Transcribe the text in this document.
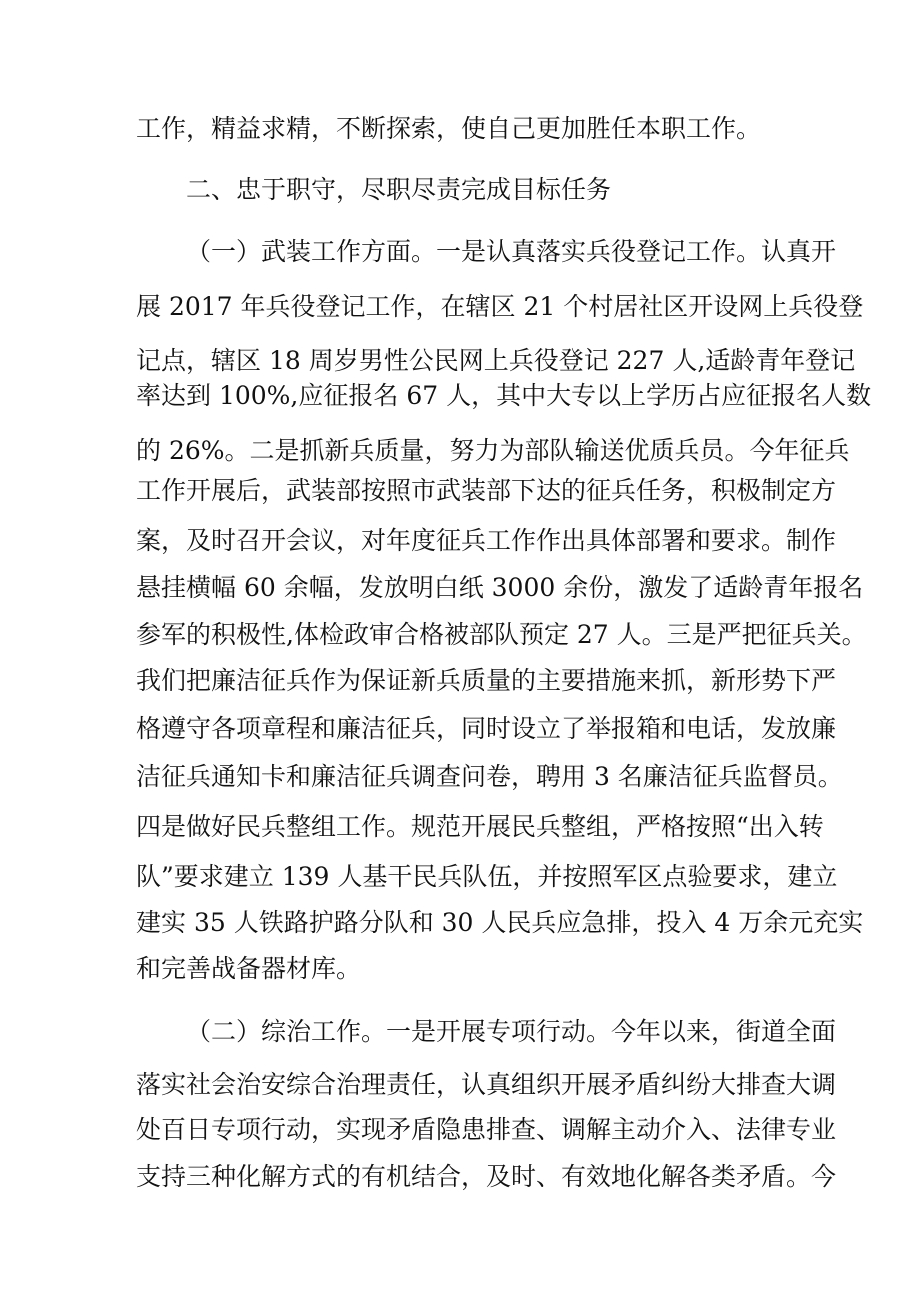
工作，精益求精，不断探索，使自己更加胜任本职工作。
二、忠于职守，尽职尽责完成目标任务
（一）武装工作方面。一是认真落实兵役登记工作。认真开
展 2017 年兵役登记工作，在辖区 21 个村居社区开设网上兵役登
记点，辖区 18 周岁男性公民网上兵役登记 227 人,适龄青年登记
率达到 100%,应征报名 67 人，其中大专以上学历占应征报名人数
的 26%。二是抓新兵质量，努力为部队输送优质兵员。今年征兵
工作开展后，武装部按照市武装部下达的征兵任务，积极制定方
案，及时召开会议，对年度征兵工作作出具体部署和要求。制作
悬挂横幅 60 余幅，发放明白纸 3000 余份，激发了适龄青年报名
参军的积极性,体检政审合格被部队预定 27 人。三是严把征兵关。
我们把廉洁征兵作为保证新兵质量的主要措施来抓，新形势下严
格遵守各项章程和廉洁征兵，同时设立了举报箱和电话，发放廉
洁征兵通知卡和廉洁征兵调查问卷，聘用 3 名廉洁征兵监督员。
四是做好民兵整组工作。规范开展民兵整组，严格按照“出入转
队”要求建立 139 人基干民兵队伍，并按照军区点验要求，建立
建实 35 人铁路护路分队和 30 人民兵应急排，投入 4 万余元充实
和完善战备器材库。
（二）综治工作。一是开展专项行动。今年以来，街道全面
落实社会治安综合治理责任，认真组织开展矛盾纠纷大排查大调
处百日专项行动，实现矛盾隐患排查、调解主动介入、法律专业
支持三种化解方式的有机结合，及时、有效地化解各类矛盾。今
